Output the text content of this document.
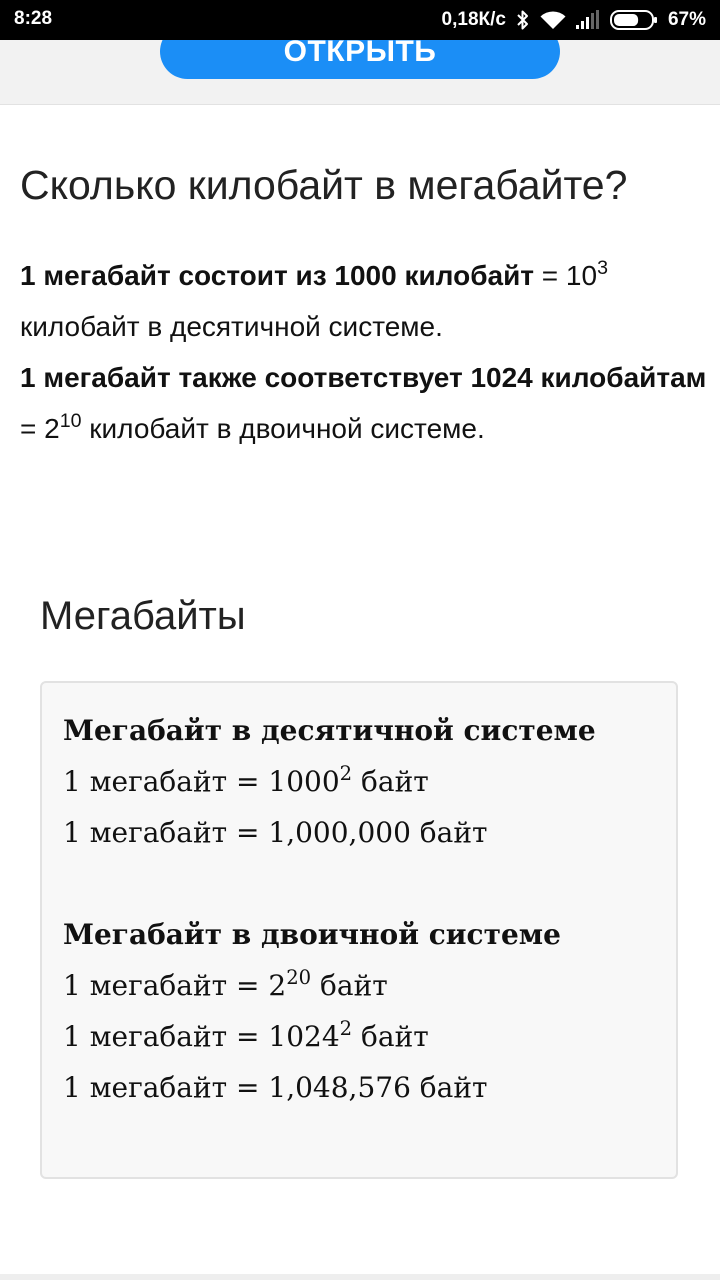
8:28	0,18К/с	67%
ОТКРЫТЬ
Сколько килобайт в мегабайте?

1 мегабайт состоит из 1000 килобайт = $10^3$ килобайт в десятичной системе.
1 мегабайт также соответствует 1024 килобайтам = $2^{10}$ килобайт в двоичной системе.

Мегабайты
Мегабайт в десятичной системе
1 мегабайт = $1000^2$ байт
1 мегабайт = 1,000,000 байт
Мегабайт в двоичной системе
1 мегабайт = $2^{20}$ байт
1 мегабайт = $1024^2$ байт
1 мегабайт = 1,048,576 байт
